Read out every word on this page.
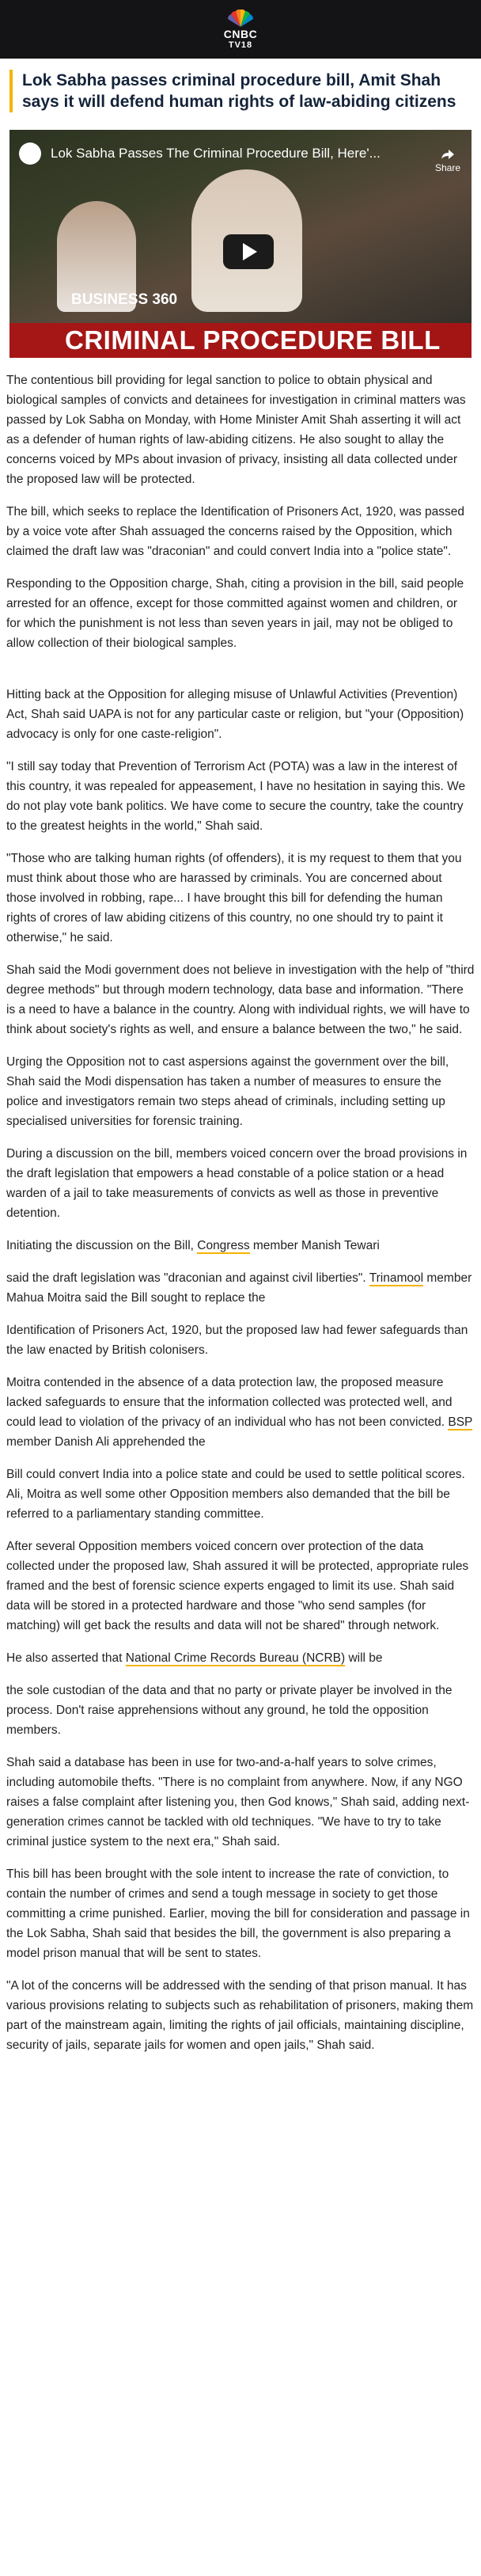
CNBC
TV18
Lok Sabha passes criminal procedure bill, Amit Shah says it will defend human rights of law-abiding citizens
Lok Sabha Passes The Criminal Procedure Bill, Here'...
Share
BUSINESS 360
CRIMINAL PROCEDURE BILL

The contentious bill providing for legal sanction to police to obtain physical and biological samples of convicts and detainees for investigation in criminal matters was passed by Lok Sabha on Monday, with Home Minister Amit Shah asserting it will act as a defender of human rights of law-abiding citizens. He also sought to allay the concerns voiced by MPs about invasion of privacy, insisting all data collected under the proposed law will be protected.

The bill, which seeks to replace the Identification of Prisoners Act, 1920, was passed by a voice vote after Shah assuaged the concerns raised by the Opposition, which claimed the draft law was "draconian" and could convert India into a "police state".

Responding to the Opposition charge, Shah, citing a provision in the bill, said people arrested for an offence, except for those committed against women and children, or for which the punishment is not less than seven years in jail, may not be obliged to allow collection of their biological samples.

Hitting back at the Opposition for alleging misuse of Unlawful Activities (Prevention) Act, Shah said UAPA is not for any particular caste or religion, but "your (Opposition) advocacy is only for one caste-religion".

"I still say today that Prevention of Terrorism Act (POTA) was a law in the interest of this country, it was repealed for appeasement, I have no hesitation in saying this. We do not play vote bank politics. We have come to secure the country, take the country to the greatest heights in the world," Shah said.

"Those who are talking human rights (of offenders), it is my request to them that you must think about those who are harassed by criminals. You are concerned about those involved in robbing, rape... I have brought this bill for defending the human rights of crores of law abiding citizens of this country, no one should try to paint it otherwise," he said.

Shah said the Modi government does not believe in investigation with the help of "third degree methods" but through modern technology, data base and information. "There is a need to have a balance in the country. Along with individual rights, we will have to think about society's rights as well, and ensure a balance between the two," he said.

Urging the Opposition not to cast aspersions against the government over the bill, Shah said the Modi dispensation has taken a number of measures to ensure the police and investigators remain two steps ahead of criminals, including setting up specialised universities for forensic training.

During a discussion on the bill, members voiced concern over the broad provisions in the draft legislation that empowers a head constable of a police station or a head warden of a jail to take measurements of convicts as well as those in preventive detention.

Initiating the discussion on the Bill, Congress member Manish Tewari

said the draft legislation was "draconian and against civil liberties". Trinamool member Mahua Moitra said the Bill sought to replace the

Identification of Prisoners Act, 1920, but the proposed law had fewer safeguards than the law enacted by British colonisers.

Moitra contended in the absence of a data protection law, the proposed measure lacked safeguards to ensure that the information collected was protected well, and could lead to violation of the privacy of an individual who has not been convicted. BSP member Danish Ali apprehended the

Bill could convert India into a police state and could be used to settle political scores. Ali, Moitra as well some other Opposition members also demanded that the bill be referred to a parliamentary standing committee.

After several Opposition members voiced concern over protection of the data collected under the proposed law, Shah assured it will be protected, appropriate rules framed and the best of forensic science experts engaged to limit its use. Shah said data will be stored in a protected hardware and those "who send samples (for matching) will get back the results and data will not be shared" through network.

He also asserted that National Crime Records Bureau (NCRB) will be

the sole custodian of the data and that no party or private player be involved in the process. Don't raise apprehensions without any ground, he told the opposition members.

Shah said a database has been in use for two-and-a-half years to solve crimes, including automobile thefts. "There is no complaint from anywhere. Now, if any NGO raises a false complaint after listening you, then God knows," Shah said, adding next-generation crimes cannot be tackled with old techniques. "We have to try to take criminal justice system to the next era," Shah said.

This bill has been brought with the sole intent to increase the rate of conviction, to contain the number of crimes and send a tough message in society to get those committing a crime punished. Earlier, moving the bill for consideration and passage in the Lok Sabha, Shah said that besides the bill, the government is also preparing a model prison manual that will be sent to states.

"A lot of the concerns will be addressed with the sending of that prison manual. It has various provisions relating to subjects such as rehabilitation of prisoners, making them part of the mainstream again, limiting the rights of jail officials, maintaining discipline, security of jails, separate jails for women and open jails," Shah said.
